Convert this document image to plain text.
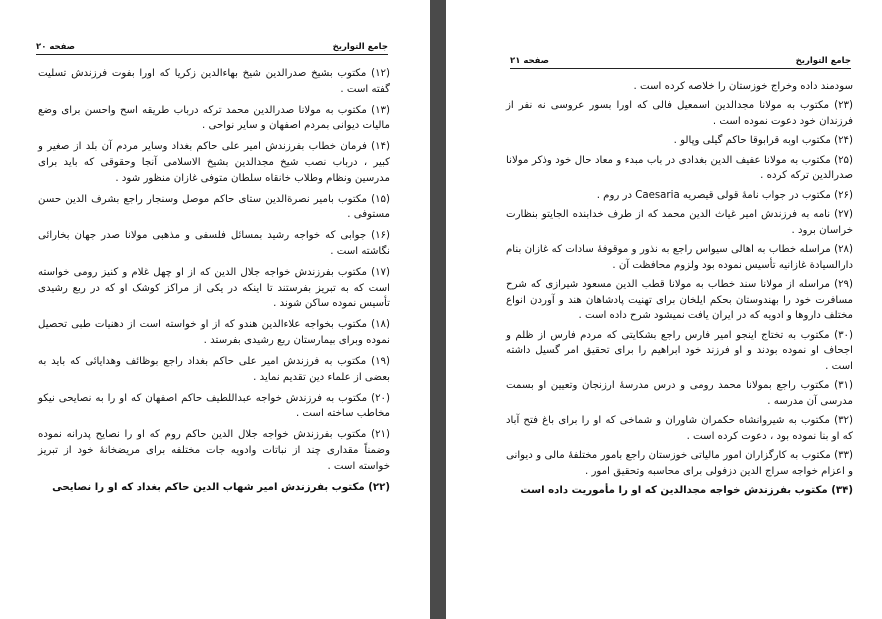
جامع التواریخ
صفحه ۲۰

(۱۲) مکتوب بشیخ صدرالدین شیخ بهاءالدین زکریا که اورا بفوت فرزندش تسلیت گفته است .

(۱۳) مکتوب به مولانا صدرالدین محمد ترکه درباب طریقه اسح واحسن برای وضع مالیات دیوانی بمردم اصفهان و سایر نواحی .

(۱۴) فرمان خطاب بفرزندش امیر علی حاکم بغداد وسایر مردم آن بلد از صغیر و کبیر ، درباب نصب شیخ مجدالدین بشیخ الاسلامی آنجا وحقوقی که باید برای مدرسین ونظام وطلاب خانقاه سلطان متوفی غازان منظور شود .

(۱۵) مکتوب بامیر نصرةالدین ستای حاکم موصل وسنجار راجع بشرف الدین حسن مستوفی .

(۱۶) جوابی که خواجه رشید بمسائل فلسفی و مذهبی مولانا صدر جهان بخارائی نگاشته است .

(۱۷) مکتوب بفرزندش خواجه جلال الدین که از او چهل غلام و کنیز رومی خواسته است که به تبریز بفرستند تا اینکه در یکی از مراکز کوشک او که در ربع رشیدی تأسیس نموده ساکن شوند .

(۱۸) مکتوب بخواجه علاءالدین هندو که از او خواسته است از دهنیات طبی تحصیل نموده وبرای بیمارستان ربع رشیدی بفرستد .

(۱۹) مکتوب به فرزندش امیر علی حاکم بغداد راجع بوظائف وهدایائی که باید به بعضی از علماء دین تقدیم نماید .

(۲۰) مکتوب به فرزندش خواجه عبداللطیف حاکم اصفهان که او را به نصایحی نیکو مخاطب ساخته است .

(۲۱) مکتوب بفرزندش خواجه جلال الدین حاکم روم که او را نصایح پدرانه نموده وضمناً مقداری چند از نباتات وادویه جات مختلفه برای مریضخانهٔ خود از تبریز خواسته است .

(۲۲) مکتوب بفرزندش امیر شهاب الدین حاکم بغداد که او را نصایحی

جامع التواریخ
صفحه ۲۱

سودمند داده وخراج خوزستان را خلاصه کرده است .

(۲۳) مکتوب به مولانا مجدالدین اسمعیل فالی که اورا بسور عروسی نه نفر از فرزندان خود دعوت نموده است .

(۲۴) مکتوب اوبه قرابوقا حاکم گیلی وپالو .

(۲۵) مکتوب به مولانا عفیف الدین بغدادی در باب مبدء و معاد حال خود وذکر مولانا صدرالدین ترکه کرده .

(۲۶) مکتوب در جواب نامهٔ قولی قیصریه Caesaria در روم .

(۲۷) نامه به فرزندش امیر غیاث الدین محمد که از طرف خدابنده الجایتو بنظارت خراسان برود .

(۲۸) مراسله خطاب به اهالی سیواس راجع به نذور و موقوفهٔ سادات که غازان بنام دارالسیادة غازانیه تأسیس نموده بود ولزوم محافظت آن .

(۲۹) مراسله از مولانا سند خطاب به مولانا قطب الدین مسعود شیرازی که شرح مسافرت خود را بهندوستان بحکم ایلخان برای تهنیت پادشاهان هند و آوردن انواع مختلف داروها و ادویه که در ایران یافت نمیشود شرح داده است .

(۳۰) مکتوب به تختاج اینجو امیر فارس راجع بشکایتی که مردم فارس از ظلم و اجحاف او نموده بودند و او فرزند خود ابراهیم را برای تحقیق امر گسیل داشته است .

(۳۱) مکتوب راجع بمولانا محمد رومی و درس مدرسهٔ ارزنجان وتعیین او بسمت مدرسی آن مدرسه .

(۳۲) مکتوب به شیروانشاه حکمران شاوران و شماخی که او را برای باغ فتح آباد که او بنا نموده بود ، دعوت کرده است .

(۳۳) مکتوب به کارگزاران امور مالیاتی خوزستان راجع بامور مختلفهٔ مالی و دیوانی و اعزام خواجه سراج الدین دزفولی برای محاسبه وتحقیق امور .

(۳۴) مکتوب بفرزندش خواجه مجدالدین که او را مأموریت داده است
